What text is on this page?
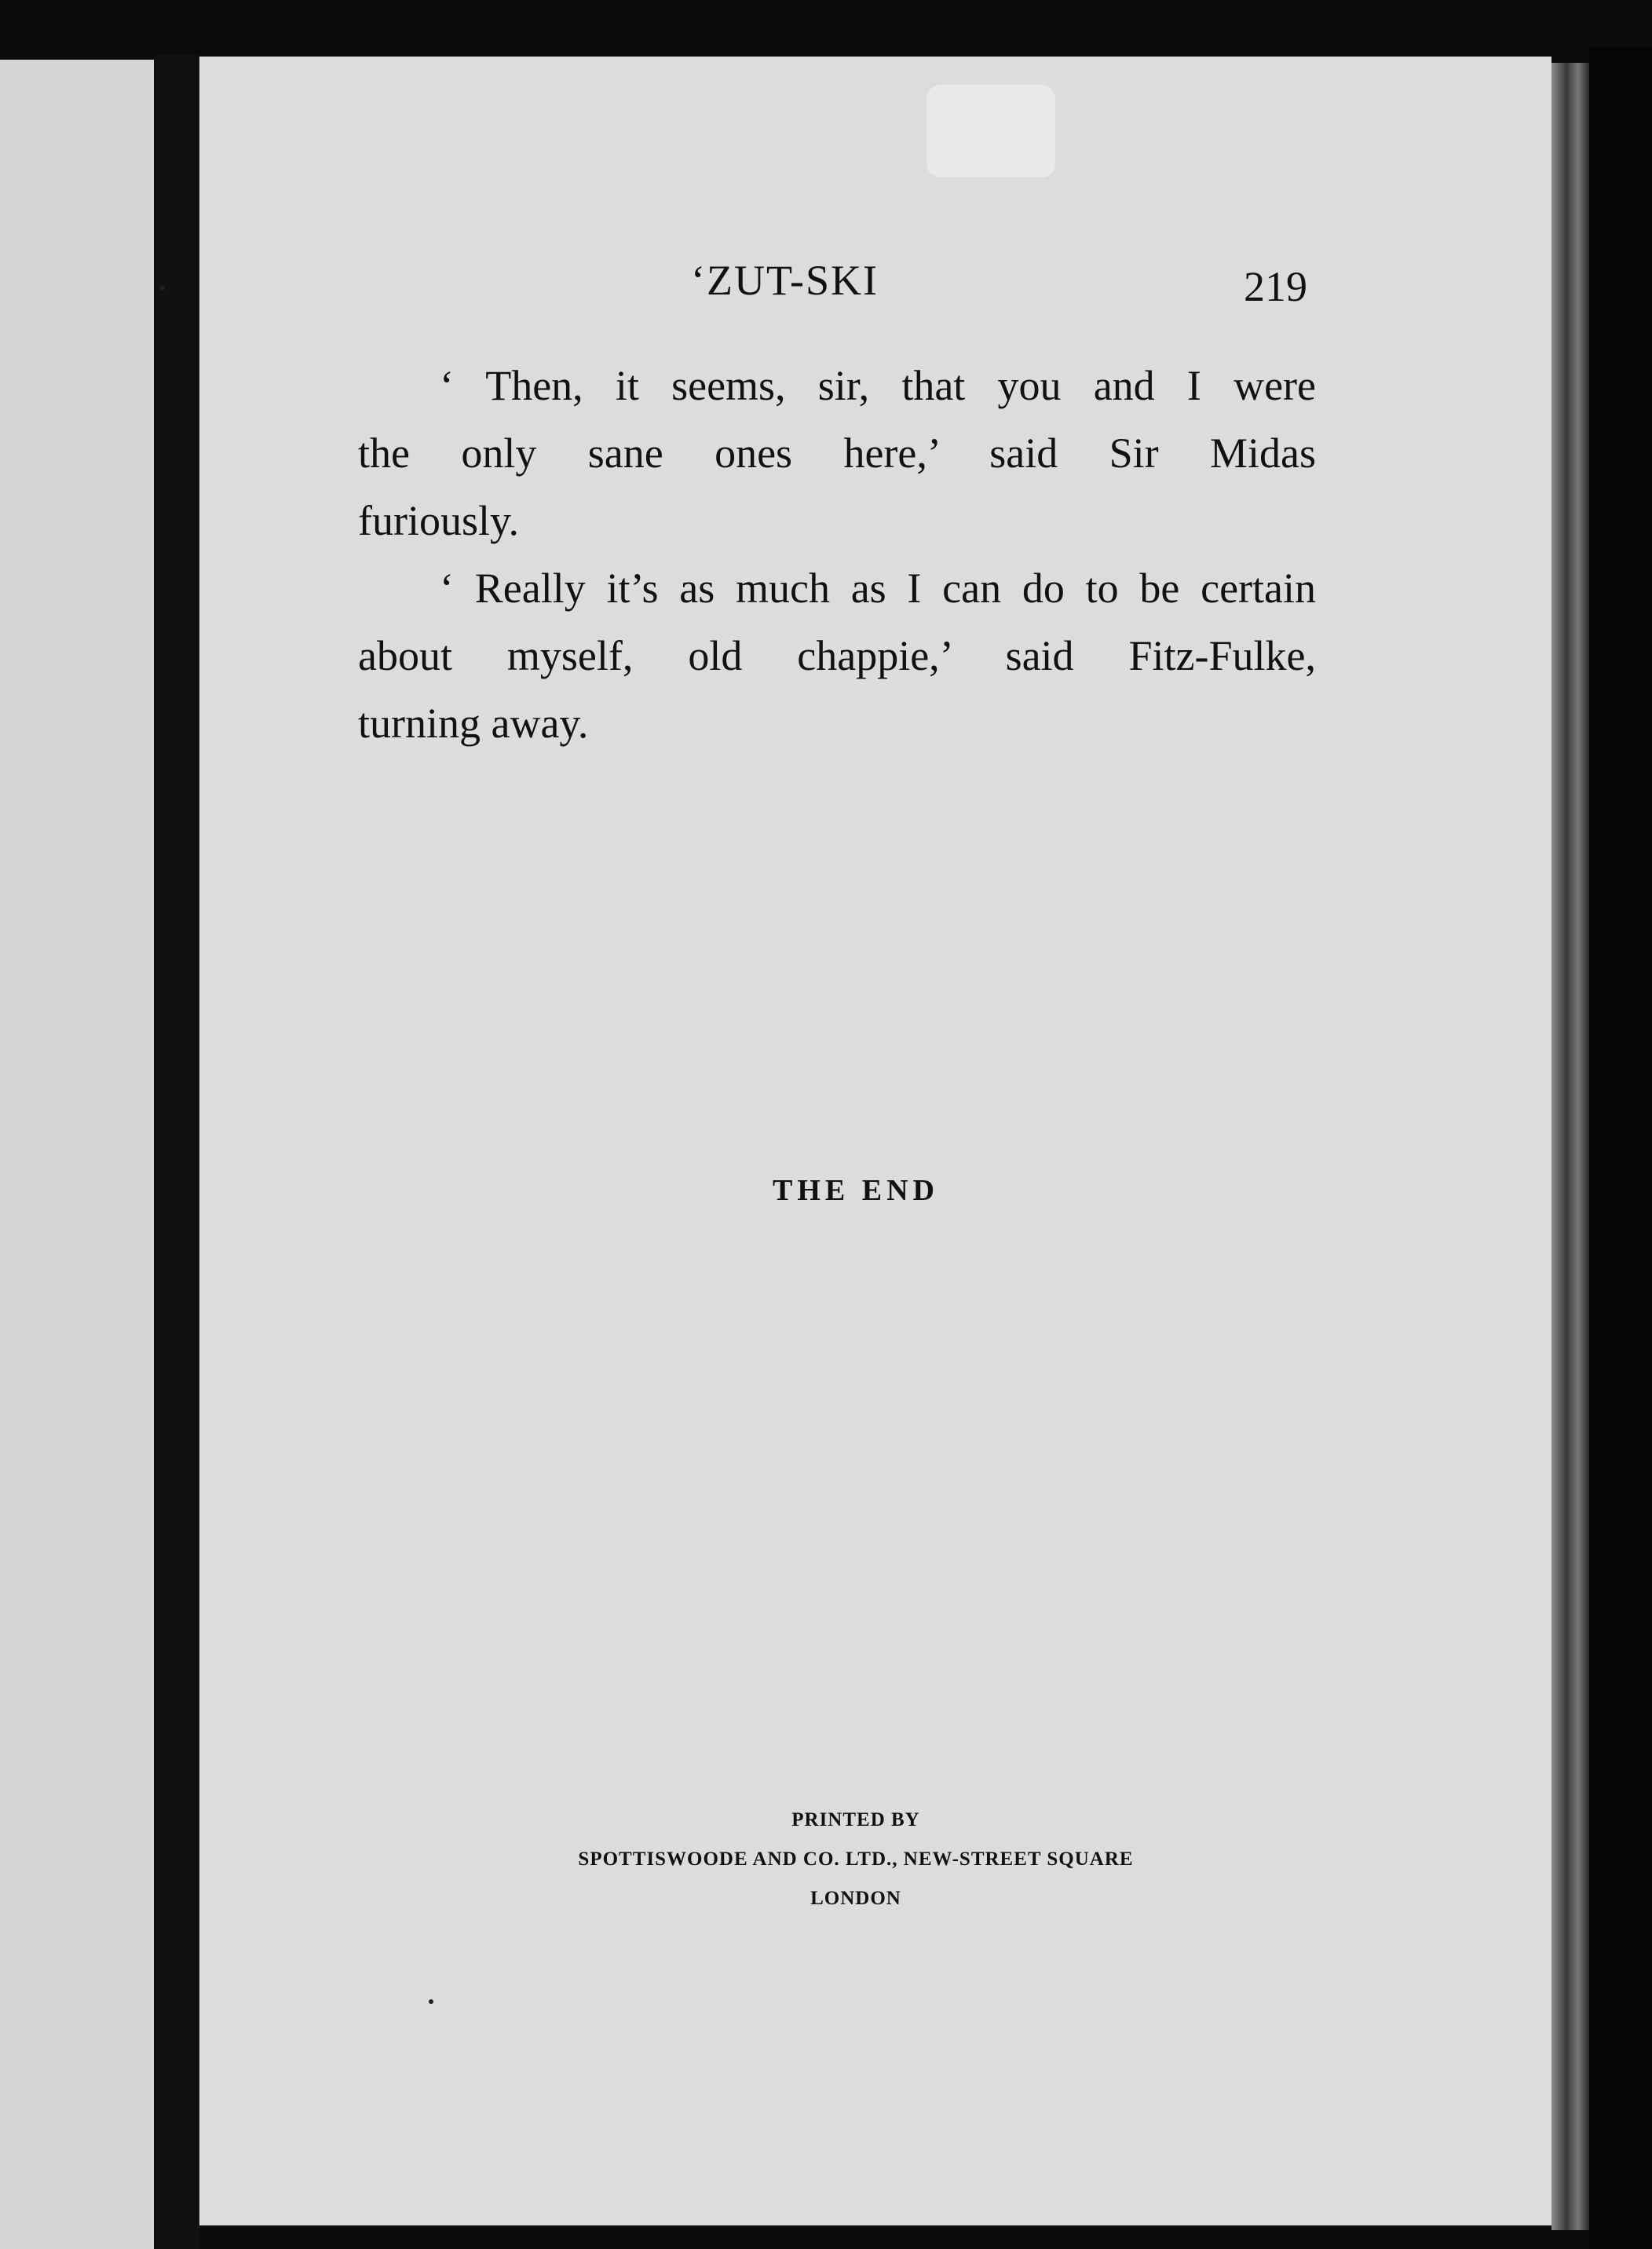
‘ZUT-SKI	219
‘ Then, it seems, sir, that you and I were
the only sane ones here,’ said Sir Midas
furiously.
‘ Really it’s as much as I can do to be certain
about myself, old chappie,’ said Fitz-Fulke,
turning away.
THE END
PRINTED BY
SPOTTISWOODE AND CO. LTD., NEW-STREET SQUARE
LONDON
